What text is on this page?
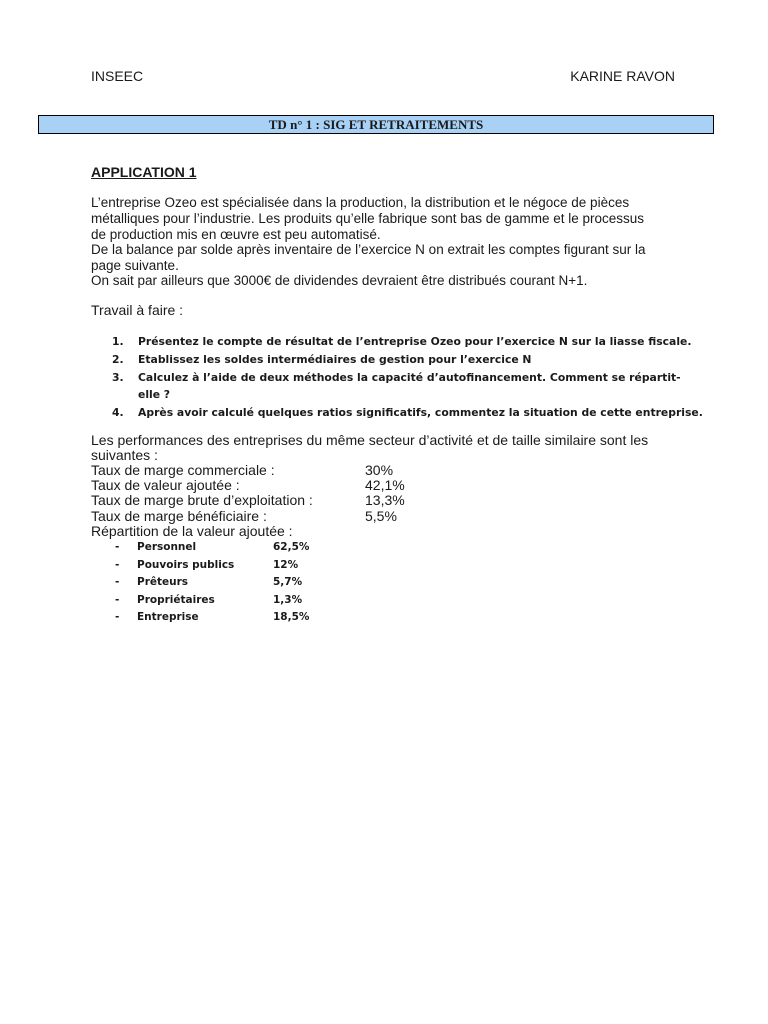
INSEEC	KARINE RAVON
TD n° 1 : SIG ET RETRAITEMENTS
APPLICATION 1
L’entreprise Ozeo est spécialisée dans la production, la distribution et le négoce de pièces
métalliques pour l’industrie. Les produits qu’elle fabrique sont bas de gamme et le processus
de production mis en œuvre est peu automatisé.
De la balance par solde après inventaire de l’exercice N on extrait les comptes figurant sur la
page suivante.
On sait par ailleurs que 3000€ de dividendes devraient être distribués courant N+1.
Travail à faire :
1. Présentez le compte de résultat de l’entreprise Ozeo pour l’exercice N sur la liasse fiscale.
2. Etablissez les soldes intermédiaires de gestion pour l’exercice N
3. Calculez à l’aide de deux méthodes la capacité d’autofinancement. Comment se répartit-
elle ?
4. Après avoir calculé quelques ratios significatifs, commentez la situation de cette entreprise.
Les performances des entreprises du même secteur d’activité et de taille similaire sont les
suivantes :
Taux de marge commerciale :	30%
Taux de valeur ajoutée :	42,1%
Taux de marge brute d’exploitation :	13,3%
Taux de marge bénéficiaire :	5,5%
Répartition de la valeur ajoutée :
- Personnel	62,5%
- Pouvoirs publics	12%
- Prêteurs	5,7%
- Propriétaires	1,3%
- Entreprise	18,5%
